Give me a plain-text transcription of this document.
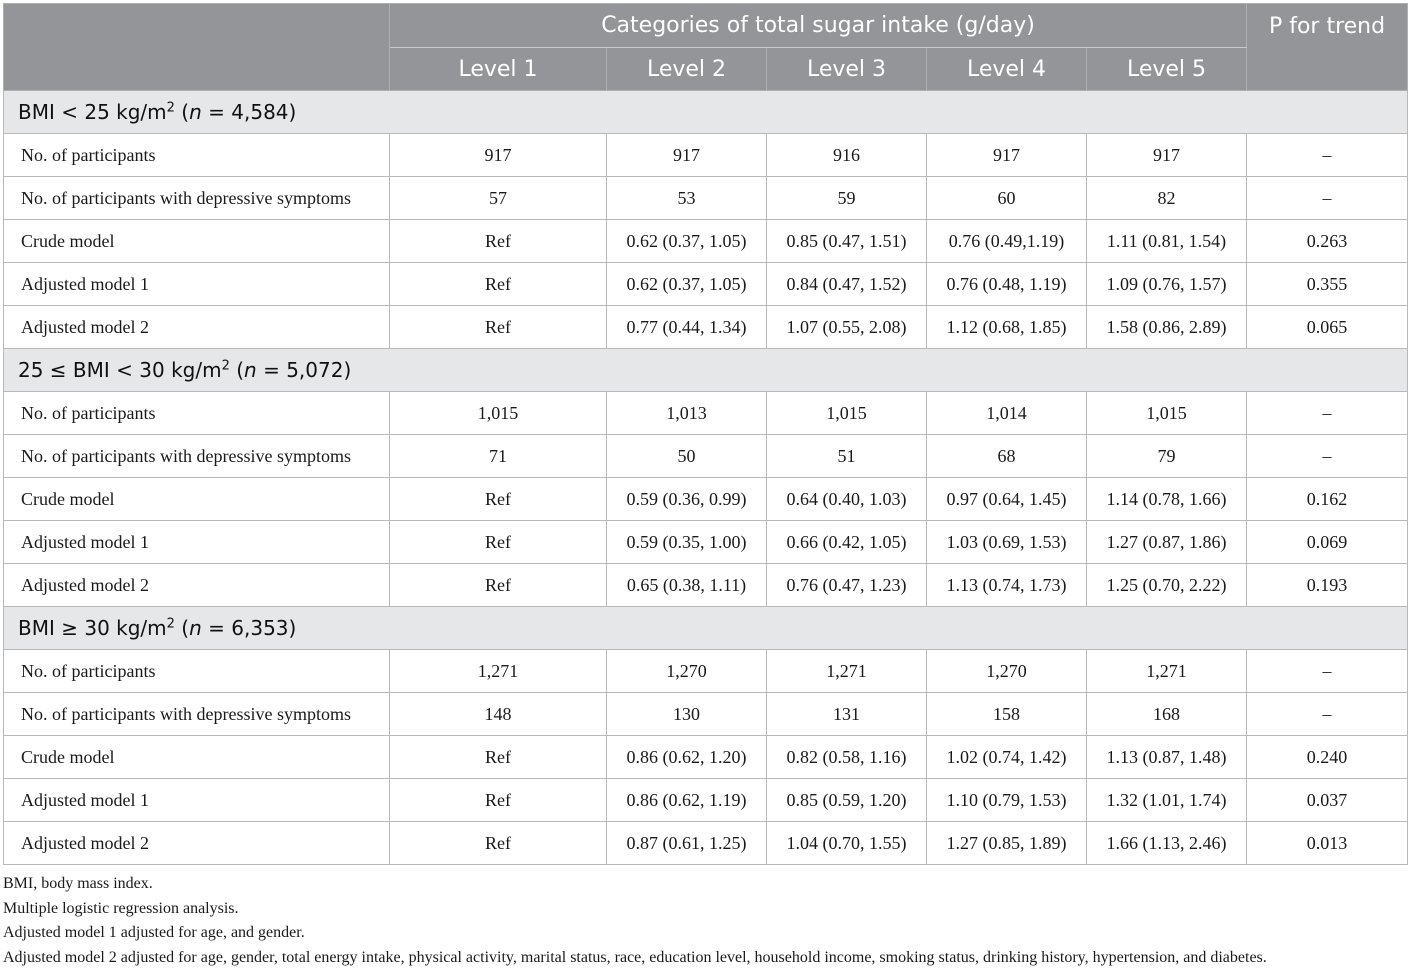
	Categories of total sugar intake (g/day)					P for trend
	Level 1	Level 2	Level 3	Level 4	Level 5	
BMI < 25 $kg/m^2$ (n = 4,584)						
No. of participants	917	917	916	917	917	–
No. of participants with depressive symptoms	57	53	59	60	82	–
Crude model	Ref	0.62 (0.37, 1.05)	0.85 (0.47, 1.51)	0.76 (0.49,1.19)	1.11 (0.81, 1.54)	0.263
Adjusted model 1	Ref	0.62 (0.37, 1.05)	0.84 (0.47, 1.52)	0.76 (0.48, 1.19)	1.09 (0.76, 1.57)	0.355
Adjusted model 2	Ref	0.77 (0.44, 1.34)	1.07 (0.55, 2.08)	1.12 (0.68, 1.85)	1.58 (0.86, 2.89)	0.065
25 ≤ BMI < 30 $kg/m^2$ (n = 5,072)						
No. of participants	1,015	1,013	1,015	1,014	1,015	–
No. of participants with depressive symptoms	71	50	51	68	79	–
Crude model	Ref	0.59 (0.36, 0.99)	0.64 (0.40, 1.03)	0.97 (0.64, 1.45)	1.14 (0.78, 1.66)	0.162
Adjusted model 1	Ref	0.59 (0.35, 1.00)	0.66 (0.42, 1.05)	1.03 (0.69, 1.53)	1.27 (0.87, 1.86)	0.069
Adjusted model 2	Ref	0.65 (0.38, 1.11)	0.76 (0.47, 1.23)	1.13 (0.74, 1.73)	1.25 (0.70, 2.22)	0.193
BMI ≥ 30 $kg/m^2$ (n = 6,353)						
No. of participants	1,271	1,270	1,271	1,270	1,271	–
No. of participants with depressive symptoms	148	130	131	158	168	–
Crude model	Ref	0.86 (0.62, 1.20)	0.82 (0.58, 1.16)	1.02 (0.74, 1.42)	1.13 (0.87, 1.48)	0.240
Adjusted model 1	Ref	0.86 (0.62, 1.19)	0.85 (0.59, 1.20)	1.10 (0.79, 1.53)	1.32 (1.01, 1.74)	0.037
Adjusted model 2	Ref	0.87 (0.61, 1.25)	1.04 (0.70, 1.55)	1.27 (0.85, 1.89)	1.66 (1.13, 2.46)	0.013
BMI, body mass index.
Multiple logistic regression analysis.
Adjusted model 1 adjusted for age, and gender.
Adjusted model 2 adjusted for age, gender, total energy intake, physical activity, marital status, race, education level, household income, smoking status, drinking history, hypertension, and diabetes.
